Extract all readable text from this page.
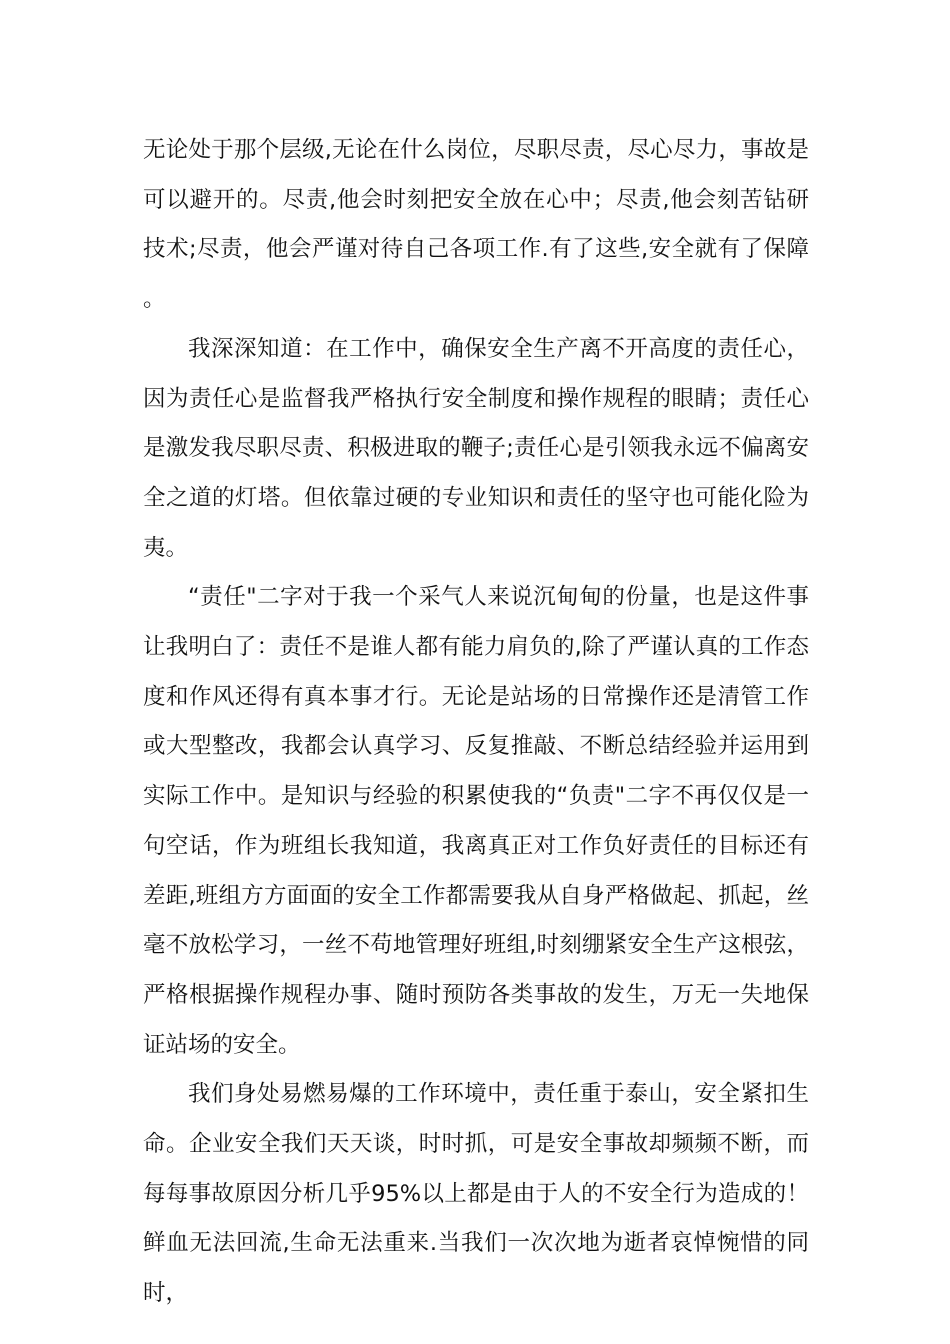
无论处于那个层级,无论在什么岗位，尽职尽责，尽心尽力，事故是可以避开的。尽责,他会时刻把安全放在心中；尽责,他会刻苦钻研技术;尽责，他会严谨对待自己各项工作.有了这些,安全就有了保障。

我深深知道：在工作中，确保安全生产离不开高度的责任心，因为责任心是监督我严格执行安全制度和操作规程的眼睛；责任心是激发我尽职尽责、积极进取的鞭子;责任心是引领我永远不偏离安全之道的灯塔。但依靠过硬的专业知识和责任的坚守也可能化险为夷。

“责任"二字对于我一个采气人来说沉甸甸的份量，也是这件事让我明白了：责任不是谁人都有能力肩负的,除了严谨认真的工作态度和作风还得有真本事才行。无论是站场的日常操作还是清管工作或大型整改，我都会认真学习、反复推敲、不断总结经验并运用到实际工作中。是知识与经验的积累使我的“负责"二字不再仅仅是一句空话，作为班组长我知道，我离真正对工作负好责任的目标还有差距,班组方方面面的安全工作都需要我从自身严格做起、抓起，丝毫不放松学习，一丝不苟地管理好班组,时刻绷紧安全生产这根弦，严格根据操作规程办事、随时预防各类事故的发生，万无一失地保证站场的安全。

我们身处易燃易爆的工作环境中，责任重于泰山，安全紧扣生命。企业安全我们天天谈，时时抓，可是安全事故却频频不断，而每每事故原因分析几乎95%以上都是由于人的不安全行为造成的！鲜血无法回流,生命无法重来.当我们一次次地为逝者哀悼惋惜的同时，
